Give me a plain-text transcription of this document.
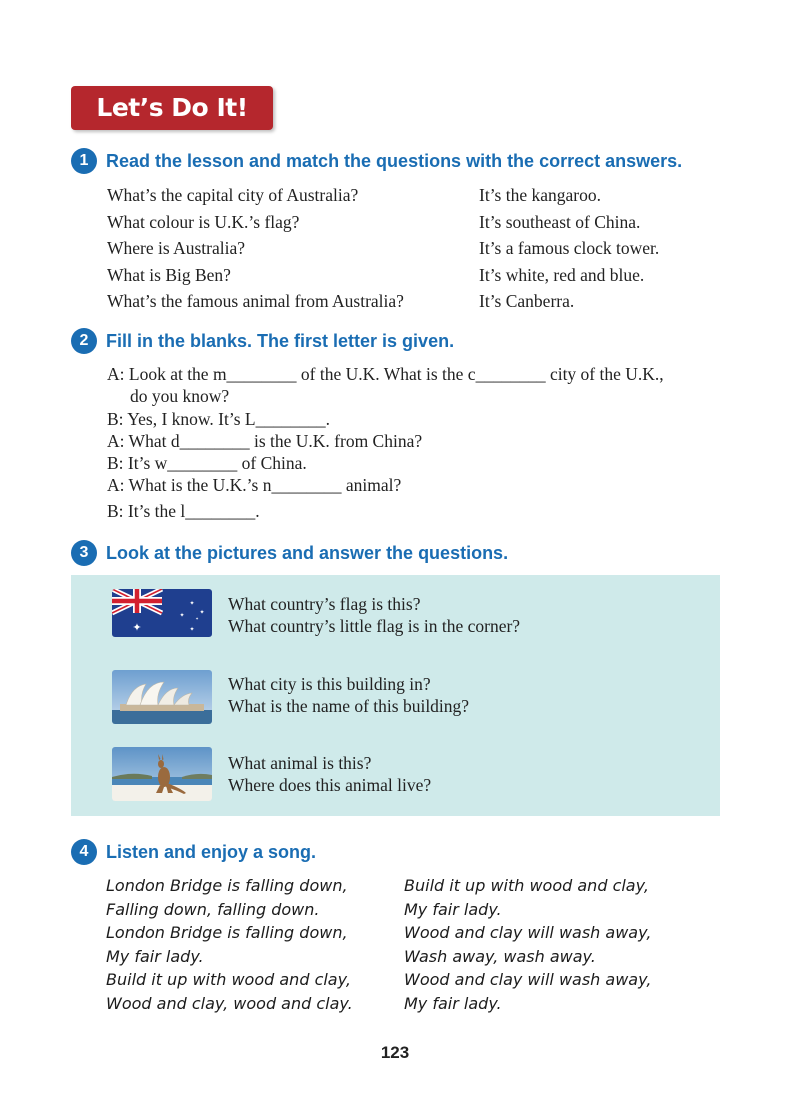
Let’s Do It!
1 Read the lesson and match the questions with the correct answers.
What’s the capital city of Australia?
What colour is U.K.’s flag?
Where is Australia?
What is Big Ben?
What’s the famous animal from Australia?
It’s the kangaroo.
It’s southeast of China.
It’s a famous clock tower.
It’s white, red and blue.
It’s Canberra.
2 Fill in the blanks. The first letter is given.
A: Look at the m________ of the U.K. What is the c________ city of the U.K.,
do you know?
B: Yes, I know. It’s L________.
A: What d________ is the U.K. from China?
B: It’s w________ of China.
A: What is the U.K.’s n________ animal?
B: It’s the l________.
3 Look at the pictures and answer the questions.
✦
✦
✦ ✦
✦
✦
What country’s flag is this?
What country’s little flag is in the corner?
What city is this building in?
What is the name of this building?
What animal is this?
Where does this animal live?
4 Listen and enjoy a song.
London Bridge is falling down,
Falling down, falling down.
London Bridge is falling down,
My fair lady.
Build it up with wood and clay,
Wood and clay, wood and clay.
Build it up with wood and clay,
My fair lady.
Wood and clay will wash away,
Wash away, wash away.
Wood and clay will wash away,
My fair lady.
123
